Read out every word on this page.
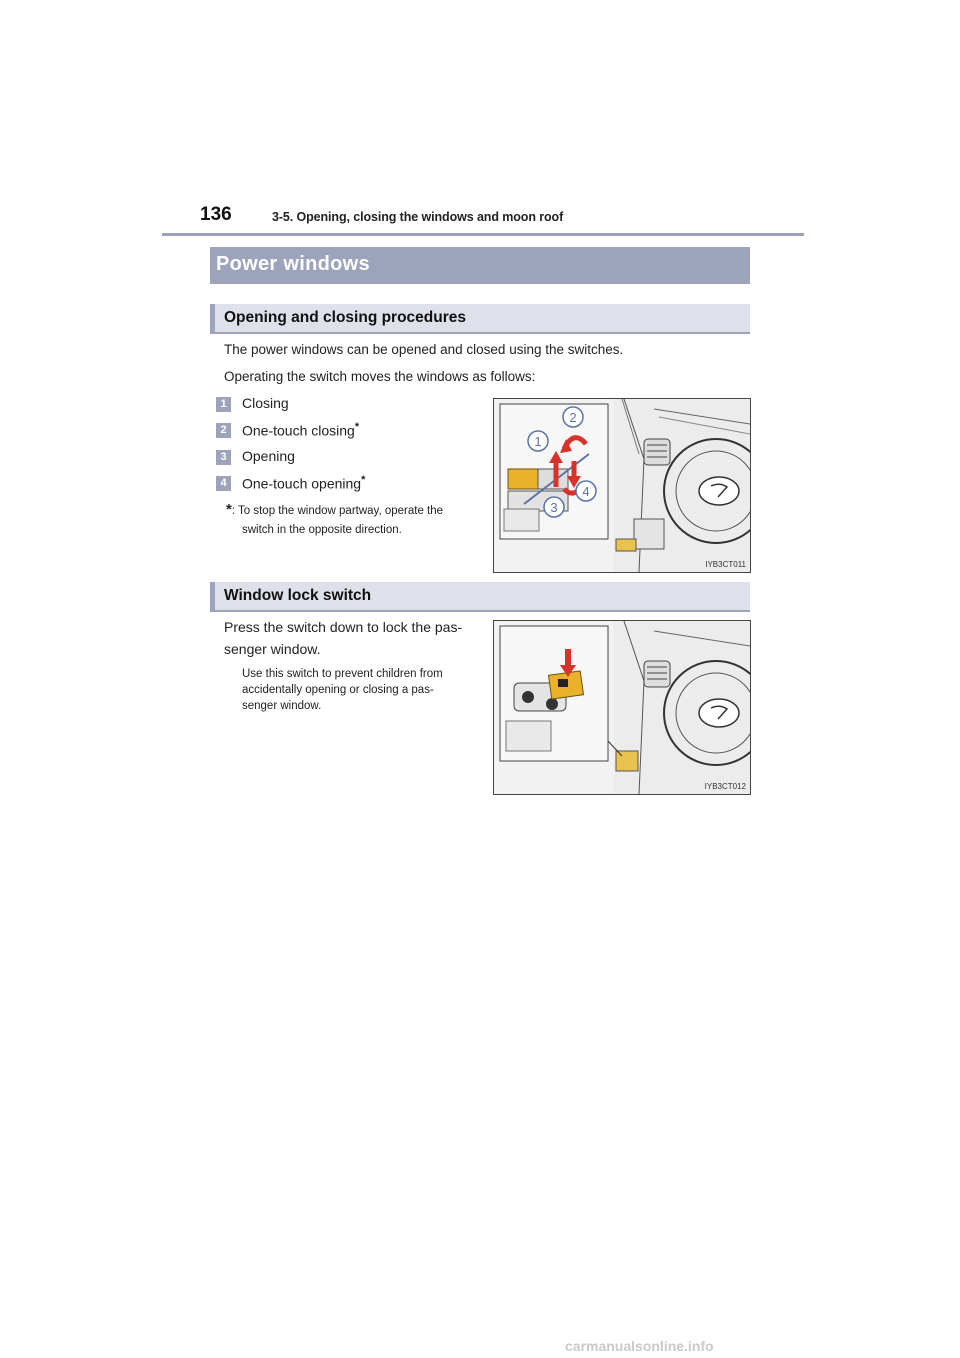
136	3-5. Opening, closing the windows and moon roof
Power windows
Opening and closing procedures
The power windows can be opened and closed using the switches.
Operating the switch moves the windows as follows:
1	Closing
2	One-touch closing*
3	Opening
4	One-touch opening*
*: To stop the window partway, operate the
switch in the opposite direction.
1
2
3
4
IYB3CT011
Window lock switch
Press the switch down to lock the pas-
senger window.
Use this switch to prevent children from
accidentally opening or closing a pas-
senger window.
IYB3CT012
carmanualsonline.info
